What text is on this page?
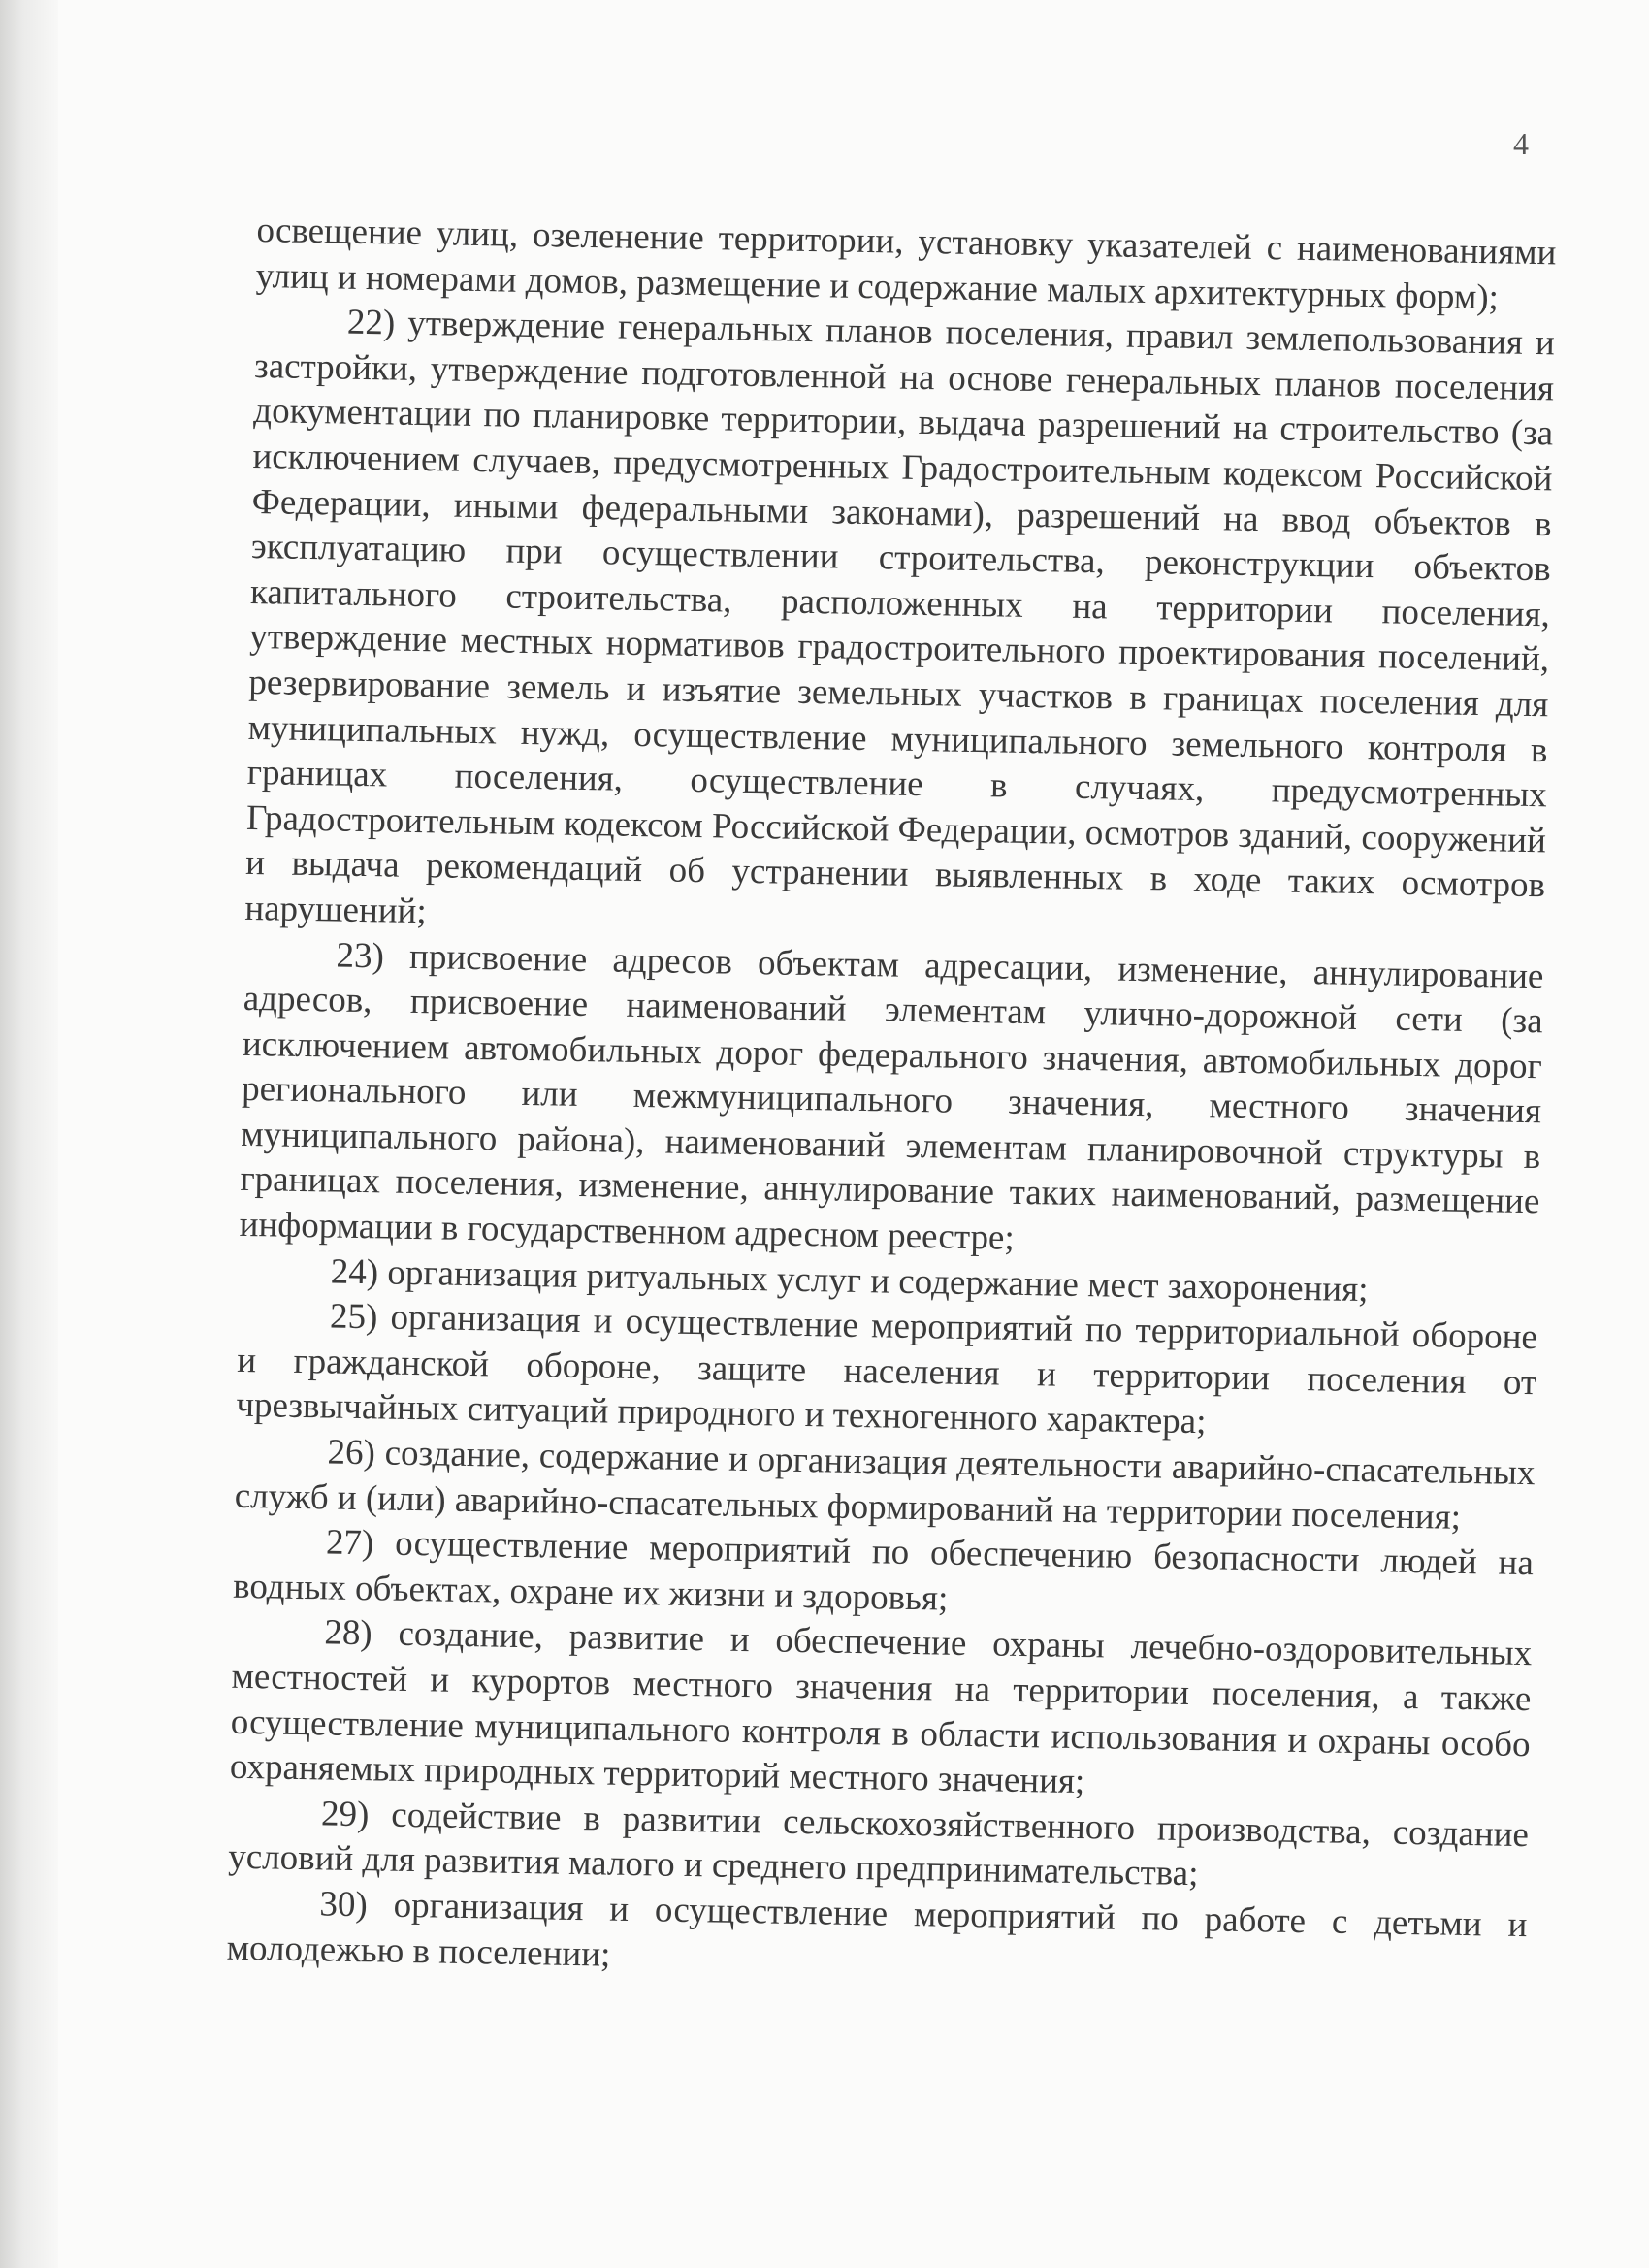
4

освещение улиц, озеленение территории, установку указателей с наименованиями улиц и номерами домов, размещение и содержание малых архитектурных форм);

22) утверждение генеральных планов поселения, правил землепользования и застройки, утверждение подготовленной на основе генеральных планов поселения документации по планировке территории, выдача разрешений на строительство (за исключением случаев, предусмотренных Градостроительным кодексом Российской Федерации, иными федеральными законами), разрешений на ввод объектов в эксплуатацию при осуществлении строительства, реконструкции объектов капитального строительства, расположенных на территории поселения, утверждение местных нормативов градостроительного проектирования поселений, резервирование земель и изъятие земельных участков в границах поселения для муниципальных нужд, осуществление муниципального земельного контроля в границах поселения, осуществление в случаях, предусмотренных Градостроительным кодексом Российской Федерации, осмотров зданий, сооружений и выдача рекомендаций об устранении выявленных в ходе таких осмотров нарушений;

23) присвоение адресов объектам адресации, изменение, аннулирование адресов, присвоение наименований элементам улично-дорожной сети (за исключением автомобильных дорог федерального значения, автомобильных дорог регионального или межмуниципального значения, местного значения муниципального района), наименований элементам планировочной структуры в границах поселения, изменение, аннулирование таких наименований, размещение информации в государственном адресном реестре;

24) организация ритуальных услуг и содержание мест захоронения;

25) организация и осуществление мероприятий по территориальной обороне и гражданской обороне, защите населения и территории поселения от чрезвычайных ситуаций природного и техногенного характера;

26) создание, содержание и организация деятельности аварийно-спасательных служб и (или) аварийно-спасательных формирований на территории поселения;

27) осуществление мероприятий по обеспечению безопасности людей на водных объектах, охране их жизни и здоровья;

28) создание, развитие и обеспечение охраны лечебно-оздоровительных местностей и курортов местного значения на территории поселения, а также осуществление муниципального контроля в области использования и охраны особо охраняемых природных территорий местного значения;

29) содействие в развитии сельскохозяйственного производства, создание условий для развития малого и среднего предпринимательства;

30) организация и осуществление мероприятий по работе с детьми и молодежью в поселении;
